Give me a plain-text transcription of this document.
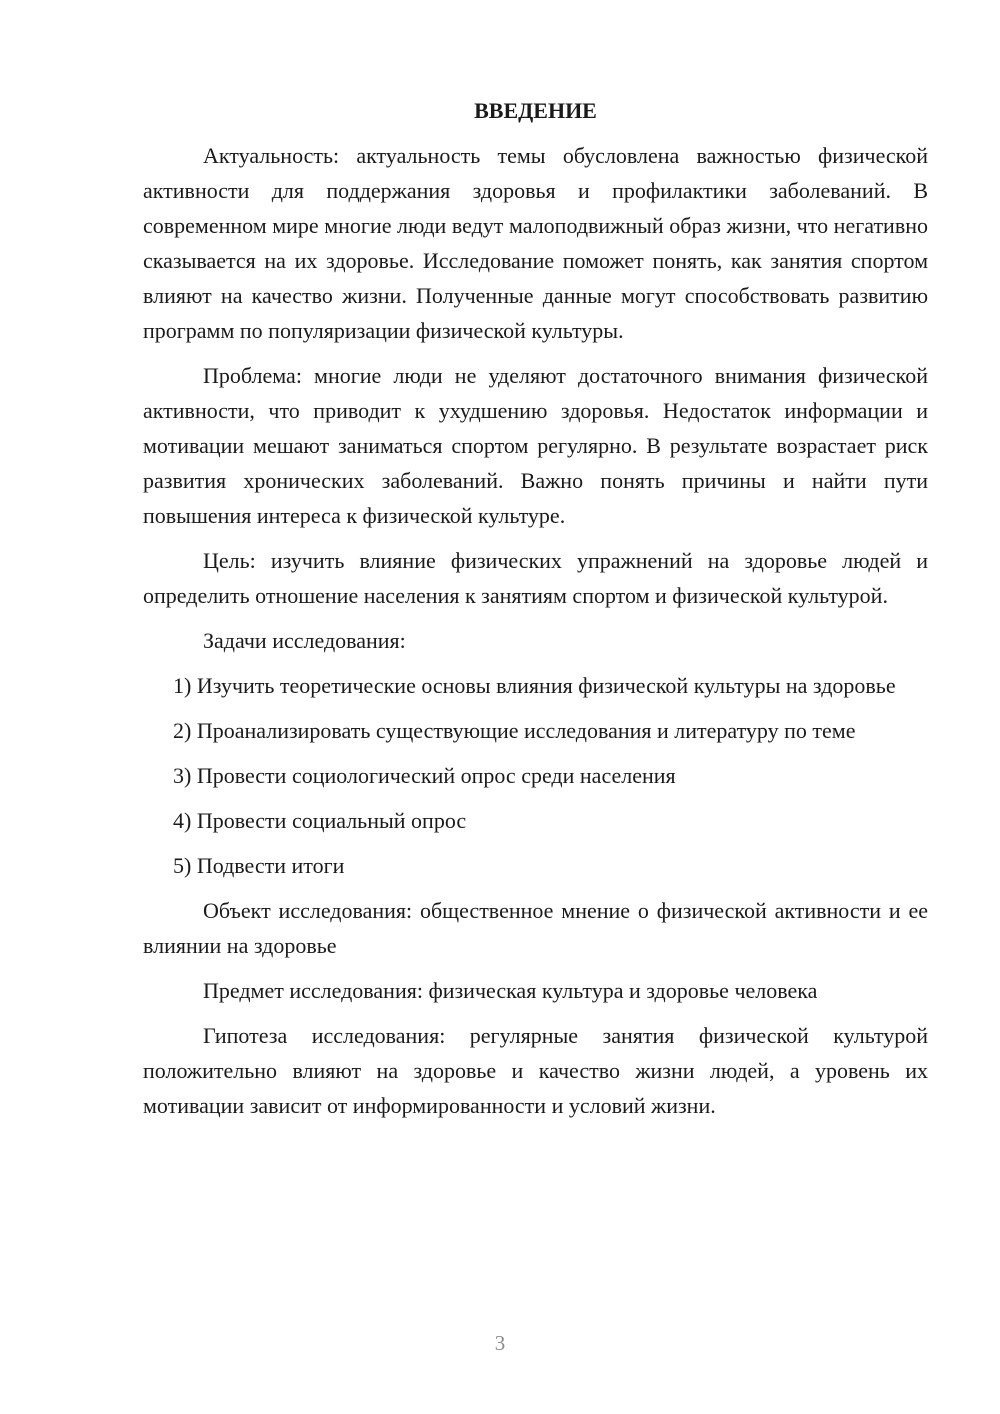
ВВЕДЕНИЕ

Актуальность: актуальность темы обусловлена важностью физической активности для поддержания здоровья и профилактики заболеваний. В современном мире многие люди ведут малоподвижный образ жизни, что негативно сказывается на их здоровье. Исследование поможет понять, как занятия спортом влияют на качество жизни. Полученные данные могут способствовать развитию программ по популяризации физической культуры.

Проблема: многие люди не уделяют достаточного внимания физической активности, что приводит к ухудшению здоровья. Недостаток информации и мотивации мешают заниматься спортом регулярно. В результате возрастает риск развития хронических заболеваний. Важно понять причины и найти пути повышения интереса к физической культуре.

Цель: изучить влияние физических упражнений на здоровье людей и определить отношение населения к занятиям спортом и физической культурой.

Задачи исследования:

1) Изучить теоретические основы влияния физической культуры на здоровье

2) Проанализировать существующие исследования и литературу по теме

3) Провести социологический опрос среди населения

4) Провести социальный опрос

5) Подвести итоги

Объект исследования: общественное мнение о физической активности и ее влиянии на здоровье

Предмет исследования: физическая культура и здоровье человека

Гипотеза исследования: регулярные занятия физической культурой положительно влияют на здоровье и качество жизни людей, а уровень их мотивации зависит от информированности и условий жизни.

3
